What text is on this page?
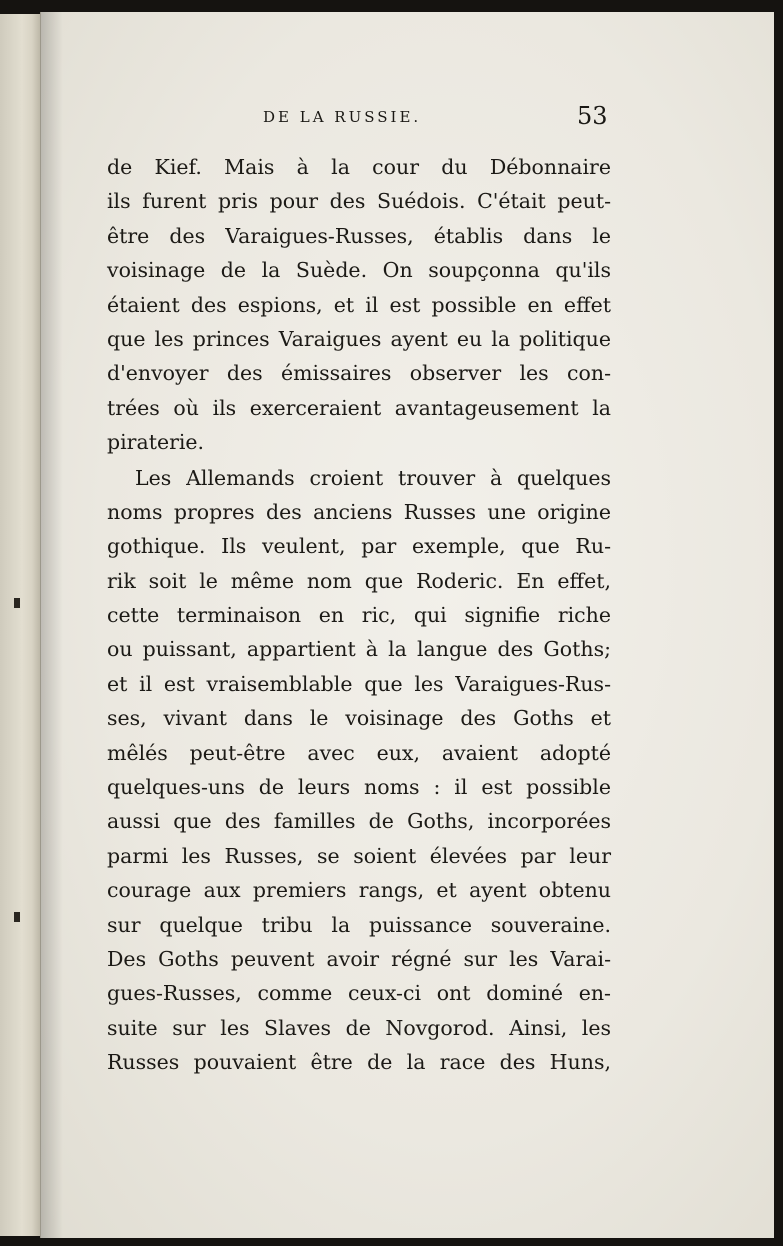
DE LA RUSSIE.	53
de Kief. Mais à la cour du Débonnaire
ils furent pris pour des Suédois. C'était peut-
être des Varaigues-Russes, établis dans le
voisinage de la Suède. On soupçonna qu'ils
étaient des espions, et il est possible en effet
que les princes Varaigues ayent eu la politique
d'envoyer des émissaires observer les con-
trées où ils exerceraient avantageusement la
piraterie.
Les Allemands croient trouver à quelques
noms propres des anciens Russes une origine
gothique. Ils veulent, par exemple, que Ru-
rik soit le même nom que Roderic. En effet,
cette terminaison en ric, qui signifie riche
ou puissant, appartient à la langue des Goths;
et il est vraisemblable que les Varaigues-Rus-
ses, vivant dans le voisinage des Goths et
mêlés peut-être avec eux, avaient adopté
quelques-uns de leurs noms : il est possible
aussi que des familles de Goths, incorporées
parmi les Russes, se soient élevées par leur
courage aux premiers rangs, et ayent obtenu
sur quelque tribu la puissance souveraine.
Des Goths peuvent avoir régné sur les Varai-
gues-Russes, comme ceux-ci ont dominé en-
suite sur les Slaves de Novgorod. Ainsi, les
Russes pouvaient être de la race des Huns,
